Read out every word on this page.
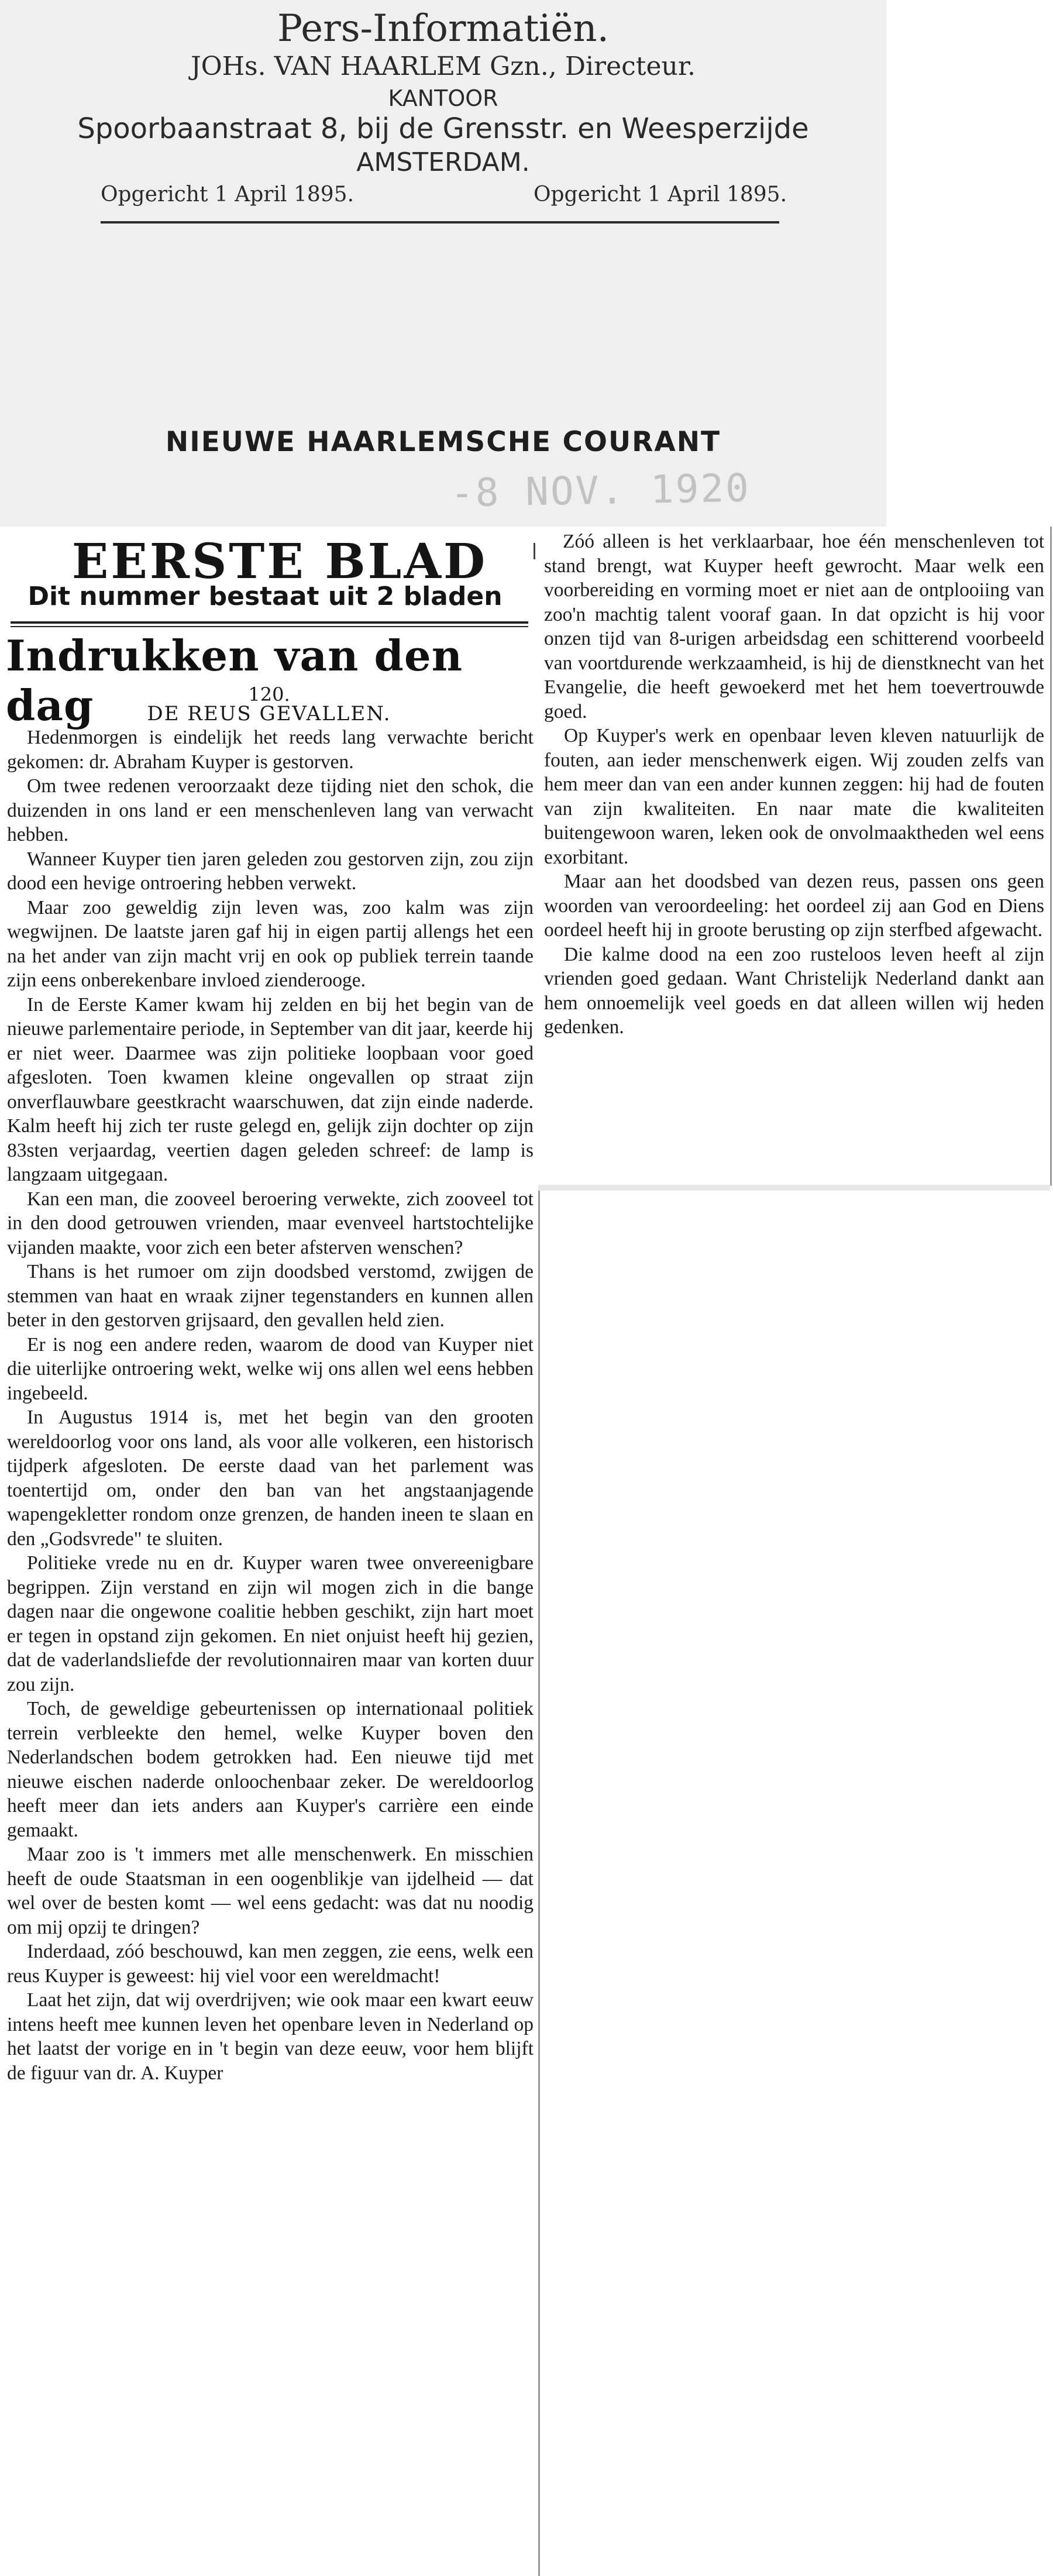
Pers-Informatiën.
JOHs. VAN HAARLEM Gzn., Directeur.
KANTOOR
Spoorbaanstraat 8, bij de Grensstr. en Weesperzijde
AMSTERDAM.
Opgericht 1 April 1895.	Opgericht 1 April 1895.
NIEUWE HAARLEMSCHE COURANT
-8 NOV. 1920
EERSTE BLAD
Dit nummer bestaat uit 2 bladen
Indrukken van den dag	120.
DE REUS GEVALLEN.

Hedenmorgen is eindelijk het reeds lang verwachte bericht gekomen: dr. Abraham Kuyper is gestorven.

Om twee redenen veroorzaakt deze tijding niet den schok, die duizenden in ons land er een menschenleven lang van verwacht hebben.

Wanneer Kuyper tien jaren geleden zou gestorven zijn, zou zijn dood een hevige ontroering hebben verwekt.

Maar zoo geweldig zijn leven was, zoo kalm was zijn wegwijnen. De laatste jaren gaf hij in eigen partij allengs het een na het ander van zijn macht vrij en ook op publiek terrein taande zijn eens onberekenbare invloed zienderooge.

In de Eerste Kamer kwam hij zelden en bij het begin van de nieuwe parlementaire periode, in September van dit jaar, keerde hij er niet weer. Daarmee was zijn politieke loopbaan voor goed afgesloten. Toen kwamen kleine ongevallen op straat zijn onverflauwbare geestkracht waarschuwen, dat zijn einde naderde. Kalm heeft hij zich ter ruste gelegd en, gelijk zijn dochter op zijn 83sten verjaardag, veertien dagen geleden schreef: de lamp is langzaam uitgegaan.

Kan een man, die zooveel beroering verwekte, zich zooveel tot in den dood getrouwen vrienden, maar evenveel hartstochtelijke vijanden maakte, voor zich een beter afsterven wenschen?

Thans is het rumoer om zijn doodsbed verstomd, zwijgen de stemmen van haat en wraak zijner tegenstanders en kunnen allen beter in den gestorven grijsaard, den gevallen held zien.

Er is nog een andere reden, waarom de dood van Kuyper niet die uiterlijke ontroering wekt, welke wij ons allen wel eens hebben ingebeeld.

In Augustus 1914 is, met het begin van den grooten wereldoorlog voor ons land, als voor alle volkeren, een historisch tijdperk afgesloten. De eerste daad van het parlement was toentertijd om, onder den ban van het angstaanjagende wapengekletter rondom onze grenzen, de handen ineen te slaan en den „Godsvrede" te sluiten.

Politieke vrede nu en dr. Kuyper waren twee onvereenigbare begrippen. Zijn verstand en zijn wil mogen zich in die bange dagen naar die ongewone coalitie hebben geschikt, zijn hart moet er tegen in opstand zijn gekomen. En niet onjuist heeft hij gezien, dat de vaderlandsliefde der revolutionnairen maar van korten duur zou zijn.

Toch, de geweldige gebeurtenissen op internationaal politiek terrein verbleekte den hemel, welke Kuyper boven den Nederlandschen bodem getrokken had. Een nieuwe tijd met nieuwe eischen naderde onloochenbaar zeker. De wereldoorlog heeft meer dan iets anders aan Kuyper's carrière een einde gemaakt.

Maar zoo is 't immers met alle menschenwerk. En misschien heeft de oude Staatsman in een oogenblikje van ijdelheid — dat wel over de besten komt — wel eens gedacht: was dat nu noodig om mij opzij te dringen?

Inderdaad, zóó beschouwd, kan men zeggen, zie eens, welk een reus Kuyper is geweest: hij viel voor een wereldmacht!

Laat het zijn, dat wij overdrijven; wie ook maar een kwart eeuw intens heeft mee kunnen leven het openbare leven in Nederland op het laatst der vorige en in 't begin van deze eeuw, voor hem blijft de figuur van dr. A. Kuyper

Zóó alleen is het verklaarbaar, hoe één menschenleven tot stand brengt, wat Kuyper heeft gewrocht. Maar welk een voorbereiding en vorming moet er niet aan de ontplooiing van zoo'n machtig talent vooraf gaan. In dat opzicht is hij voor onzen tijd van 8-urigen arbeidsdag een schitterend voorbeeld van voortdurende werkzaamheid, is hij de dienstknecht van het Evangelie, die heeft gewoekerd met het hem toevertrouwde goed.

Op Kuyper's werk en openbaar leven kleven natuurlijk de fouten, aan ieder menschenwerk eigen. Wij zouden zelfs van hem meer dan van een ander kunnen zeggen: hij had de fouten van zijn kwaliteiten. En naar mate die kwaliteiten buitengewoon waren, leken ook de onvolmaaktheden wel eens exorbitant.

Maar aan het doodsbed van dezen reus, passen ons geen woorden van veroordeeling: het oordeel zij aan God en Diens oordeel heeft hij in groote berusting op zijn sterfbed afgewacht.

Die kalme dood na een zoo rusteloos leven heeft al zijn vrienden goed gedaan. Want Christelijk Nederland dankt aan hem onnoemelijk veel goeds en dat alleen willen wij heden gedenken.
